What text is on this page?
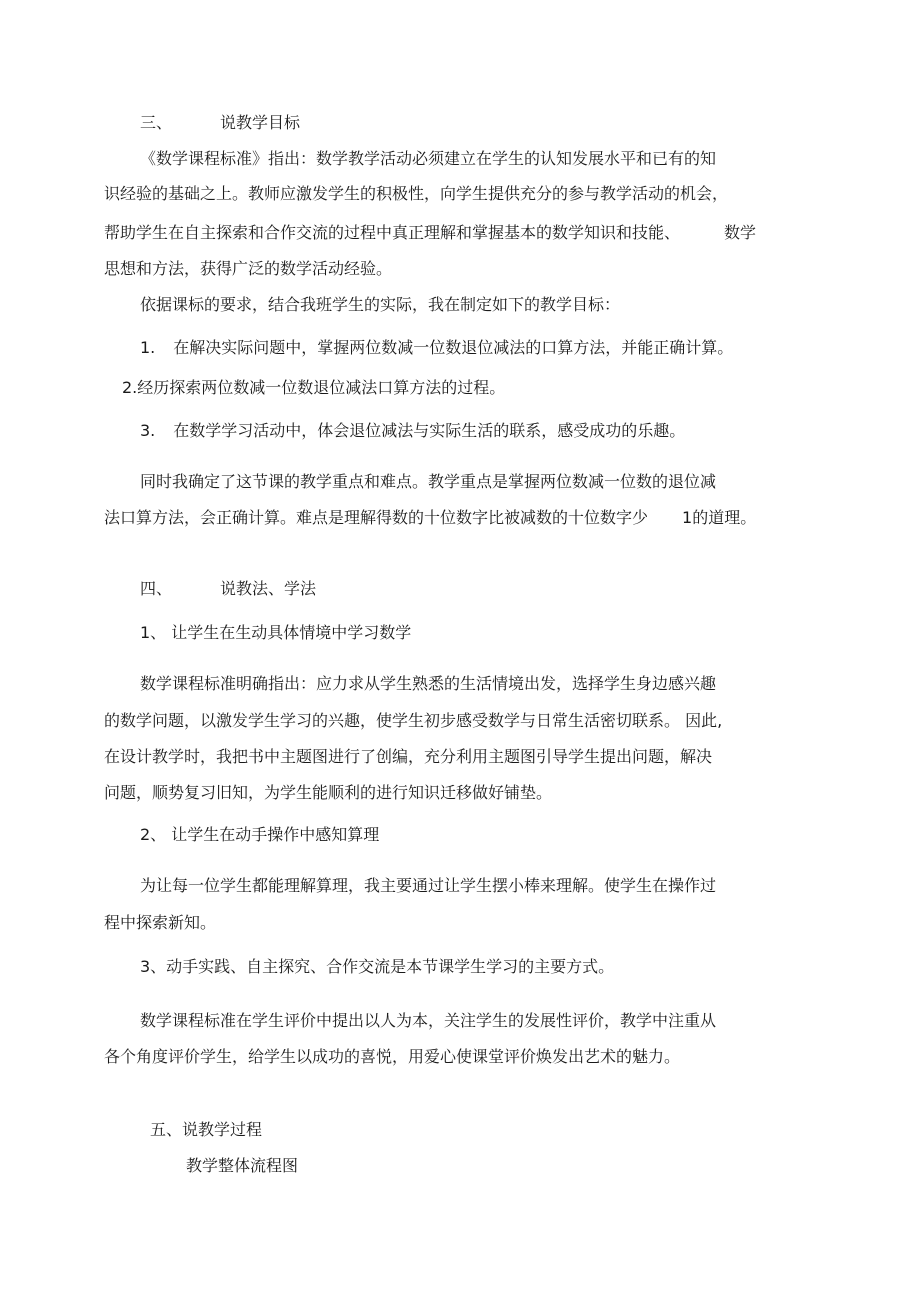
三、	说教学目标

《数学课程标准》指出：数学教学活动必须建立在学生的认知发展水平和已有的知

识经验的基础之上。教师应激发学生的积极性，向学生提供充分的参与教学活动的机会，

帮助学生在自主探索和合作交流的过程中真正理解和掌握基本的数学知识和技能、	数学

思想和方法，获得广泛的数学活动经验。

依据课标的要求，结合我班学生的实际，我在制定如下的教学目标：

1. 在解决实际问题中，掌握两位数减一位数退位减法的口算方法，并能正确计算。

2.经历探索两位数减一位数退位减法口算方法的过程。

3. 在数学学习活动中，体会退位减法与实际生活的联系，感受成功的乐趣。

同时我确定了这节课的教学重点和难点。教学重点是掌握两位数减一位数的退位减

法口算方法，会正确计算。难点是理解得数的十位数字比被减数的十位数字少 1的道理。

四、	说教法、学法

1、 让学生在生动具体情境中学习数学

数学课程标准明确指出：应力求从学生熟悉的生活情境出发，选择学生身边感兴趣

的数学问题，以激发学生学习的兴趣，使学生初步感受数学与日常生活密切联系。 因此,

在设计教学时，我把书中主题图进行了创编，充分利用主题图引导学生提出问题，解决

问题，顺势复习旧知，为学生能顺利的进行知识迁移做好铺垫。

2、 让学生在动手操作中感知算理

为让每一位学生都能理解算理，我主要通过让学生摆小棒来理解。使学生在操作过

程中探索新知。

3、动手实践、自主探究、合作交流是本节课学生学习的主要方式。

数学课程标准在学生评价中提出以人为本，关注学生的发展性评价，教学中注重从

各个角度评价学生，给学生以成功的喜悦，用爱心使课堂评价焕发出艺术的魅力。

五、说教学过程

教学整体流程图
